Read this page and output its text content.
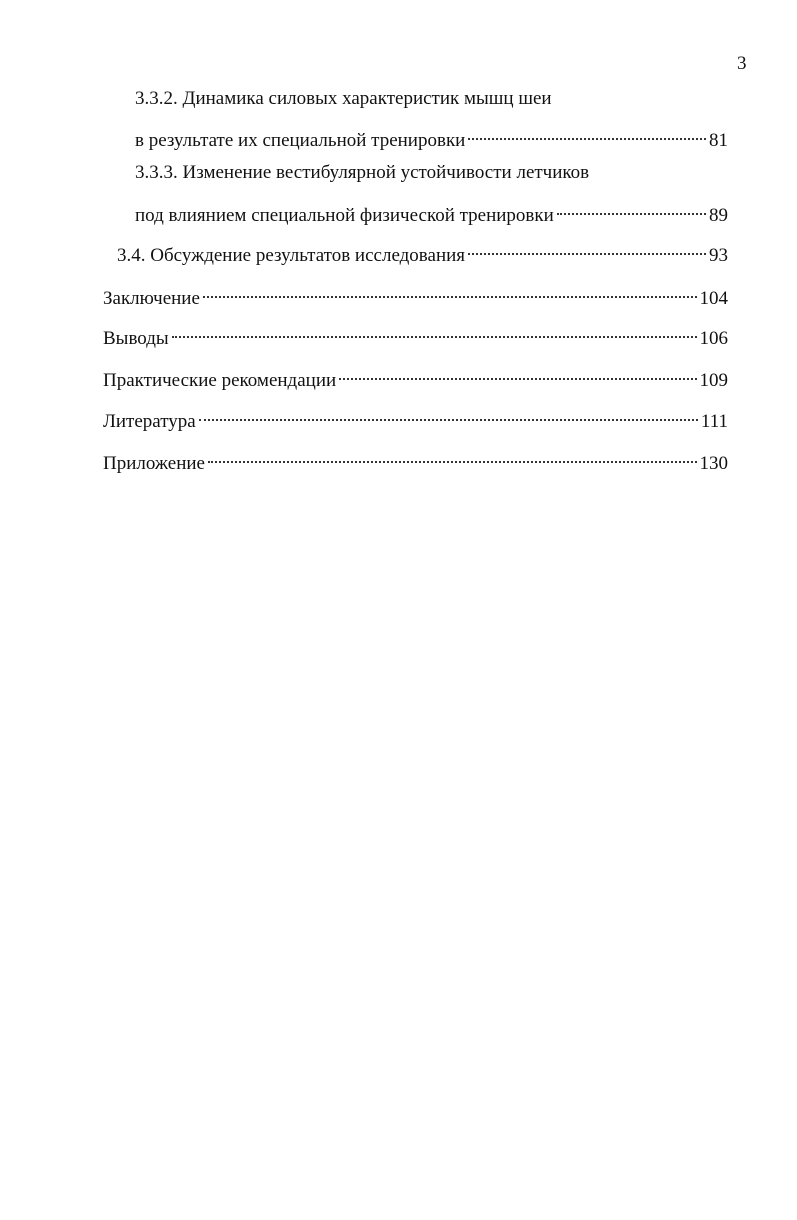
3
3.3.2. Динамика силовых характеристик мышц шеи
в результате их специальной тренировки	81
3.3.3. Изменение вестибулярной устойчивости летчиков
под влиянием специальной физической тренировки	89
3.4. Обсуждение результатов исследования	93
Заключение	104
Выводы	106
Практические рекомендации	109
Литература	111
Приложение	130
